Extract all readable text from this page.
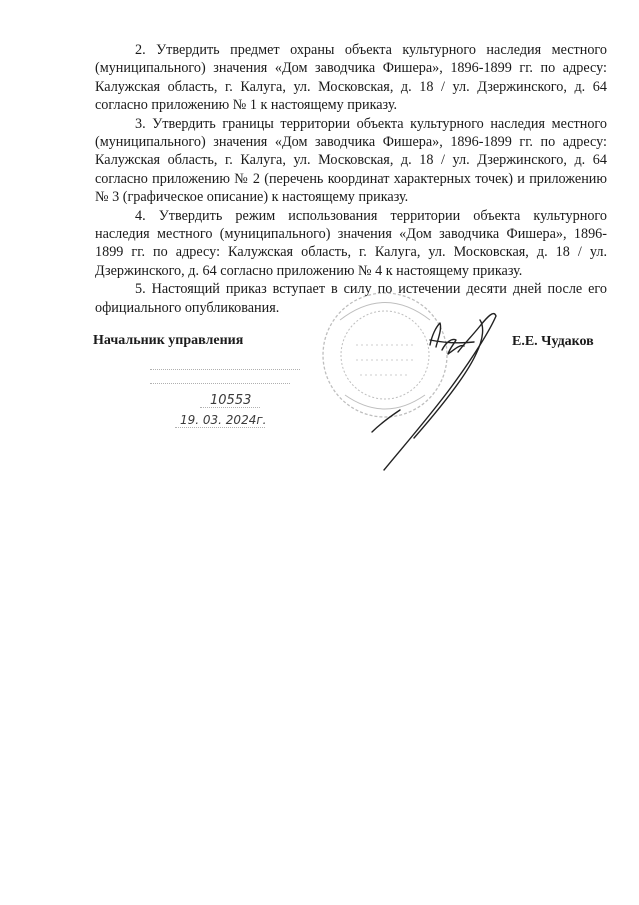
2. Утвердить предмет охраны объекта культурного наследия местного (муниципального) значения «Дом заводчика Фишера», 1896-1899 гг. по адресу: Калужская область, г. Калуга, ул. Московская, д. 18 / ул. Дзержинского, д. 64 согласно приложению № 1 к настоящему приказу.

3. Утвердить границы территории объекта культурного наследия местного (муниципального) значения «Дом заводчика Фишера», 1896-1899 гг. по адресу: Калужская область, г. Калуга, ул. Московская, д. 18 / ул. Дзержинского, д. 64 согласно приложению № 2 (перечень координат характерных точек) и приложению № 3 (графическое описание) к настоящему приказу.

4. Утвердить режим использования территории объекта культурного наследия местного (муниципального) значения «Дом заводчика Фишера», 1896-1899 гг. по адресу: Калужская область, г. Калуга, ул. Московская, д. 18 / ул. Дзержинского, д. 64 согласно приложению № 4 к настоящему приказу.

5. Настоящий приказ вступает в силу по истечении десяти дней после его официального опубликования.

Начальник управления	Е.Е. Чудаков
10553
19. 03. 2024г.
